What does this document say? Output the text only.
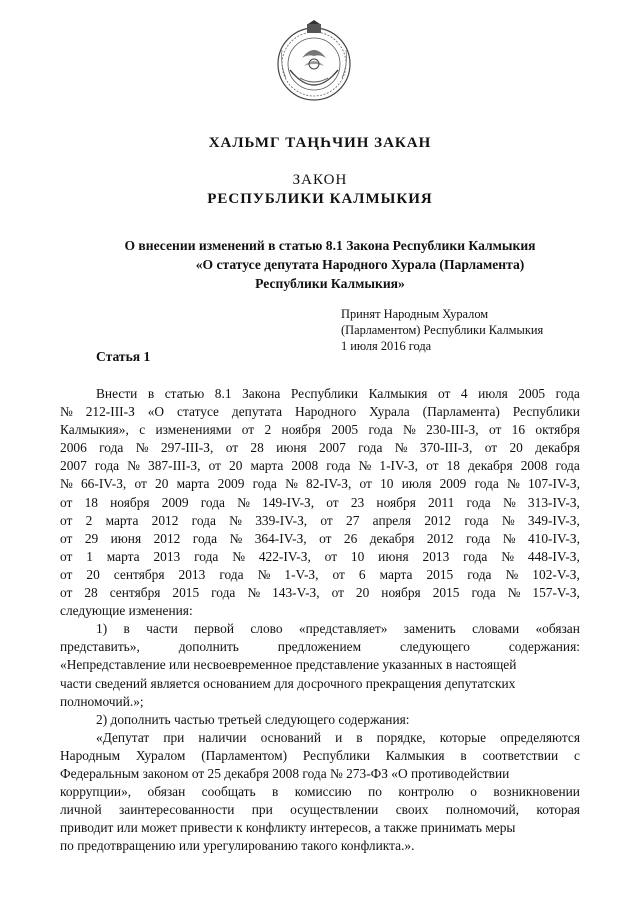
ХАЛЬМГ ТАҢҺЧИН ЗАКАН
ЗАКОН
РЕСПУБЛИКИ КАЛМЫКИЯ
О внесении изменений в статью 8.1 Закона Республики Калмыкия
«О статусе депутата Народного Хурала (Парламента)
Республики Калмыкия»
Принят Народным Хуралом
(Парламентом) Республики Калмыкия
1 июля 2016 года
Статья 1
Внести в статью 8.1 Закона Республики Калмыкия от 4 июля 2005 года
№ 212-III-З «О статусе депутата Народного Хурала (Парламента) Республики
Калмыкия», с изменениями от 2 ноября 2005 года № 230-III-З, от 16 октября
2006 года № 297-III-З, от 28 июня 2007 года № 370-III-З, от 20 декабря
2007 года № 387-III-З, от 20 марта 2008 года № 1-IV-З, от 18 декабря 2008 года
№ 66-IV-З, от 20 марта 2009 года № 82-IV-З, от 10 июля 2009 года № 107-IV-З,
от 18 ноября 2009 года № 149-IV-З, от 23 ноября 2011 года № 313-IV-З,
от 2 марта 2012 года № 339-IV-З, от 27 апреля 2012 года № 349-IV-З,
от 29 июня 2012 года № 364-IV-З, от 26 декабря 2012 года № 410-IV-З,
от 1 марта 2013 года № 422-IV-З, от 10 июня 2013 года № 448-IV-З,
от 20 сентября 2013 года № 1-V-З, от 6 марта 2015 года № 102-V-З,
от 28 сентября 2015 года № 143-V-З, от 20 ноября 2015 года № 157-V-З,
следующие изменения:
1) в части первой слово «представляет» заменить словами «обязан
представить»,	дополнить	предложением	следующего	содержания:
«Непредставление или несвоевременное представление указанных в настоящей
части сведений является основанием для досрочного прекращения депутатских
полномочий.»;
2) дополнить частью третьей следующего содержания:
«Депутат при наличии оснований и в порядке, которые определяются
Народным Хуралом (Парламентом) Республики Калмыкия в соответствии с
Федеральным законом от 25 декабря 2008 года № 273-ФЗ «О противодействии
коррупции», обязан сообщать в комиссию по контролю о возникновении
личной заинтересованности при осуществлении своих полномочий, которая
приводит или может привести к конфликту интересов, а также принимать меры
по предотвращению или урегулированию такого конфликта.».
